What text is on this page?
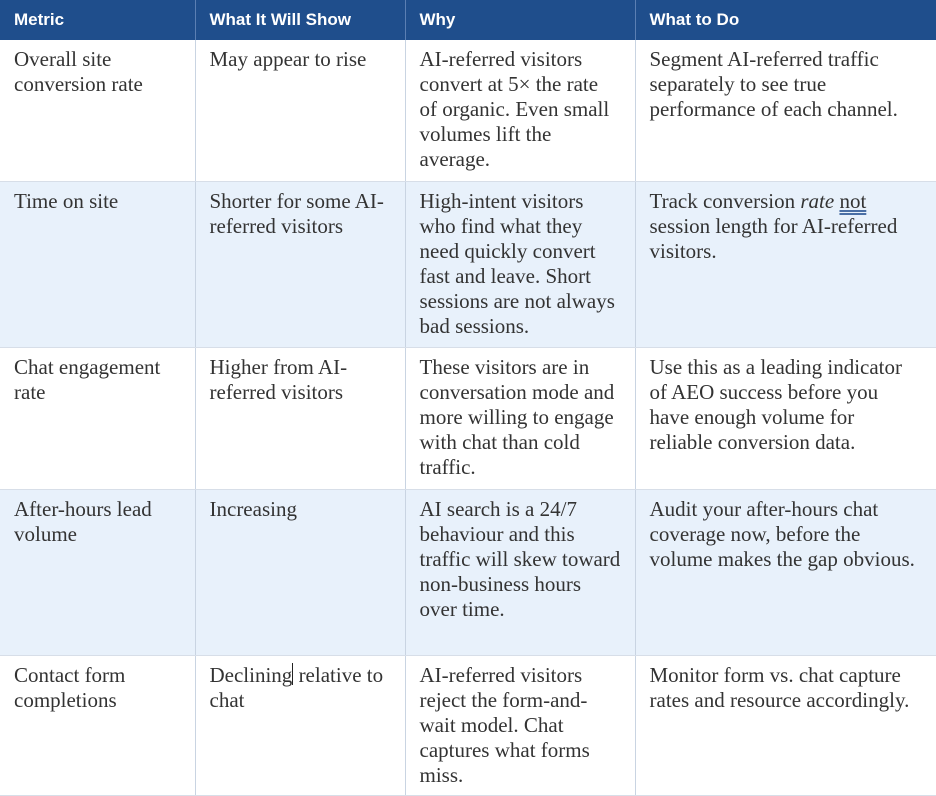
Metric	What It Will Show	Why	What to Do
Overall site conversion rate	May appear to rise	AI-referred visitors convert at 5× the rate of organic. Even small volumes lift the average.	Segment AI-referred traffic separately to see true performance of each channel.
Time on site	Shorter for some AI-referred visitors	High-intent visitors who find what they need quickly convert fast and leave. Short sessions are not always bad sessions.	Track conversion rate not session length for AI-referred visitors.
Chat engagement rate	Higher from AI-referred visitors	These visitors are in conversation mode and more willing to engage with chat than cold traffic.	Use this as a leading indicator of AEO success before you have enough volume for reliable conversion data.
After-hours lead volume	Increasing	AI search is a 24/7 behaviour and this traffic will skew toward non-business hours over time.	Audit your after-hours chat coverage now, before the volume makes the gap obvious.
Contact form completions	Declining relative to chat	AI-referred visitors reject the form-and-wait model. Chat captures what forms miss.	Monitor form vs. chat capture rates and resource accordingly.
